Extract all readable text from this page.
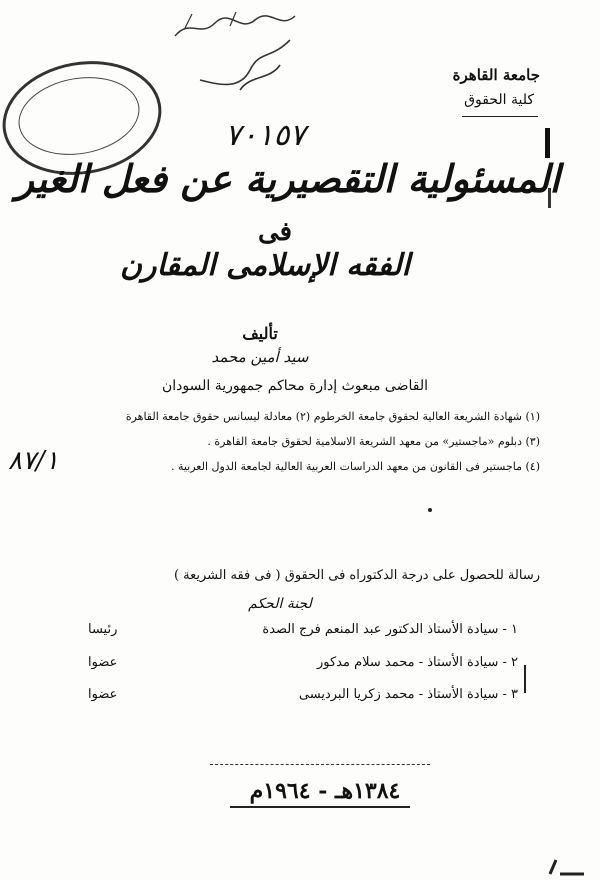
جامعة القاهرة
كلية الحقوق
٧٠١٥٧
المسئولية التقصيرية عن فعل الغير
فى
الفقه الإسلامى المقارن
تأليف
سيد أمين محمد
القاضى مبعوث إدارة محاكم جمهورية السودان
(١) شهادة الشريعة العالية لحقوق جامعة الخرطوم (٢) معادلة ليسانس حقوق جامعة القاهرة
(٣) دبلوم «ماجستير» من معهد الشريعة الاسلامية لحقوق جامعة القاهرة .
(٤) ماجستير فى القانون من معهد الدراسات العربية العالية لجامعة الدول العربية .
٨٧/١
رسالة للحصول على درجة الدكتوراه فى الحقوق ( فى فقه الشريعة )
لجنة الحكم
١ - سيادة الأستاذ الدكتور عبد المنعم فرج الصدة
رئيسا
٢ - سيادة الأستاذ - محمد سلام مدكور
عضوا
٣ - سيادة الأستاذ - محمد زكريا البرديسى
عضوا
١٣٨٤هـ - ١٩٦٤م
